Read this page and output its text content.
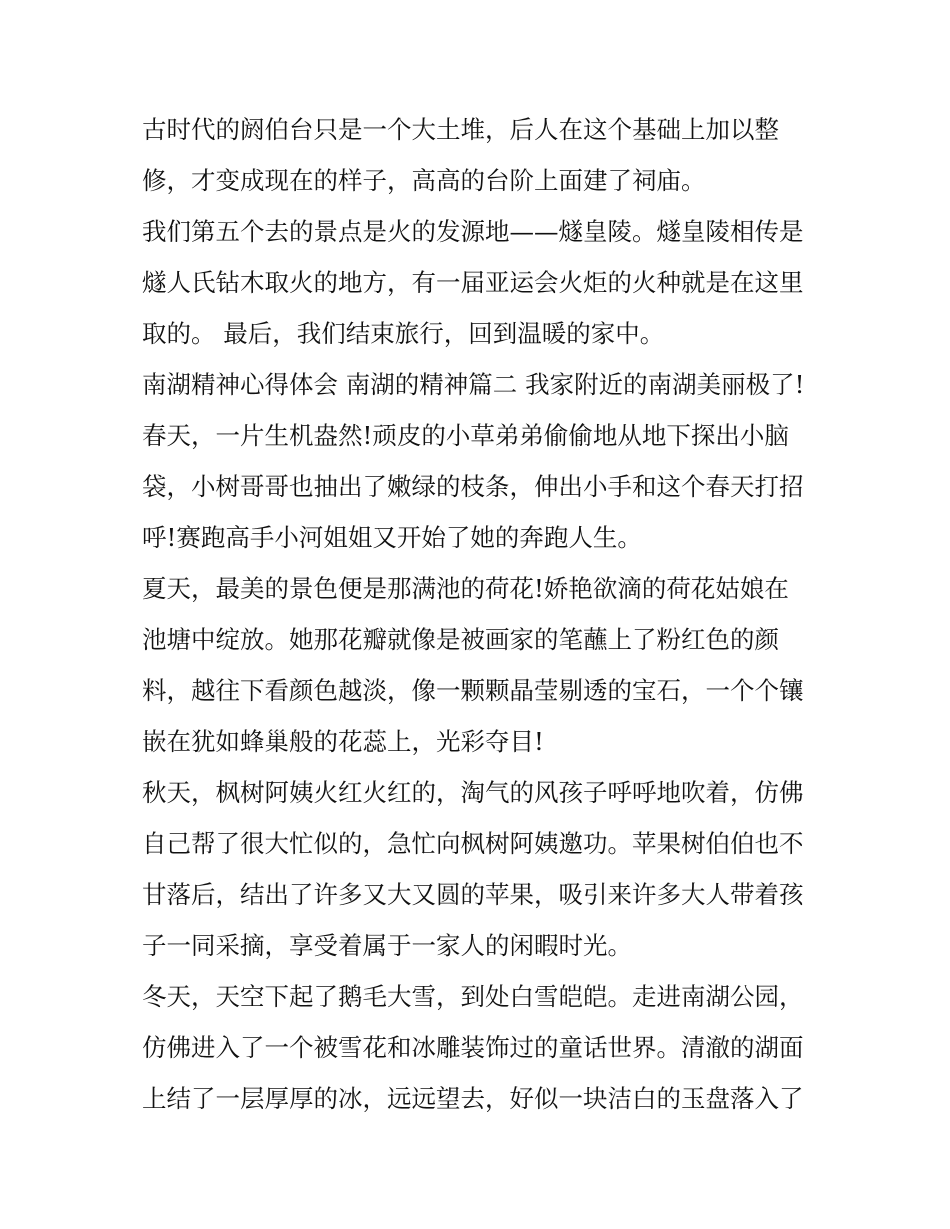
古时代的阏伯台只是一个大土堆，后人在这个基础上加以整
修，才变成现在的样子，高高的台阶上面建了祠庙。
我们第五个去的景点是火的发源地——燧皇陵。燧皇陵相传是
燧人氏钻木取火的地方，有一届亚运会火炬的火种就是在这里
取的。 最后，我们结束旅行，回到温暖的家中。
南湖精神心得体会 南湖的精神篇二 我家附近的南湖美丽极了!
春天，一片生机盎然!顽皮的小草弟弟偷偷地从地下探出小脑
袋，小树哥哥也抽出了嫩绿的枝条，伸出小手和这个春天打招
呼!赛跑高手小河姐姐又开始了她的奔跑人生。
夏天，最美的景色便是那满池的荷花!娇艳欲滴的荷花姑娘在
池塘中绽放。她那花瓣就像是被画家的笔蘸上了粉红色的颜
料，越往下看颜色越淡，像一颗颗晶莹剔透的宝石，一个个镶
嵌在犹如蜂巢般的花蕊上，光彩夺目!
秋天，枫树阿姨火红火红的，淘气的风孩子呼呼地吹着，仿佛
自己帮了很大忙似的，急忙向枫树阿姨邀功。苹果树伯伯也不
甘落后，结出了许多又大又圆的苹果，吸引来许多大人带着孩
子一同采摘，享受着属于一家人的闲暇时光。
冬天，天空下起了鹅毛大雪，到处白雪皑皑。走进南湖公园，
仿佛进入了一个被雪花和冰雕装饰过的童话世界。清澈的湖面
上结了一层厚厚的冰，远远望去，好似一块洁白的玉盘落入了
